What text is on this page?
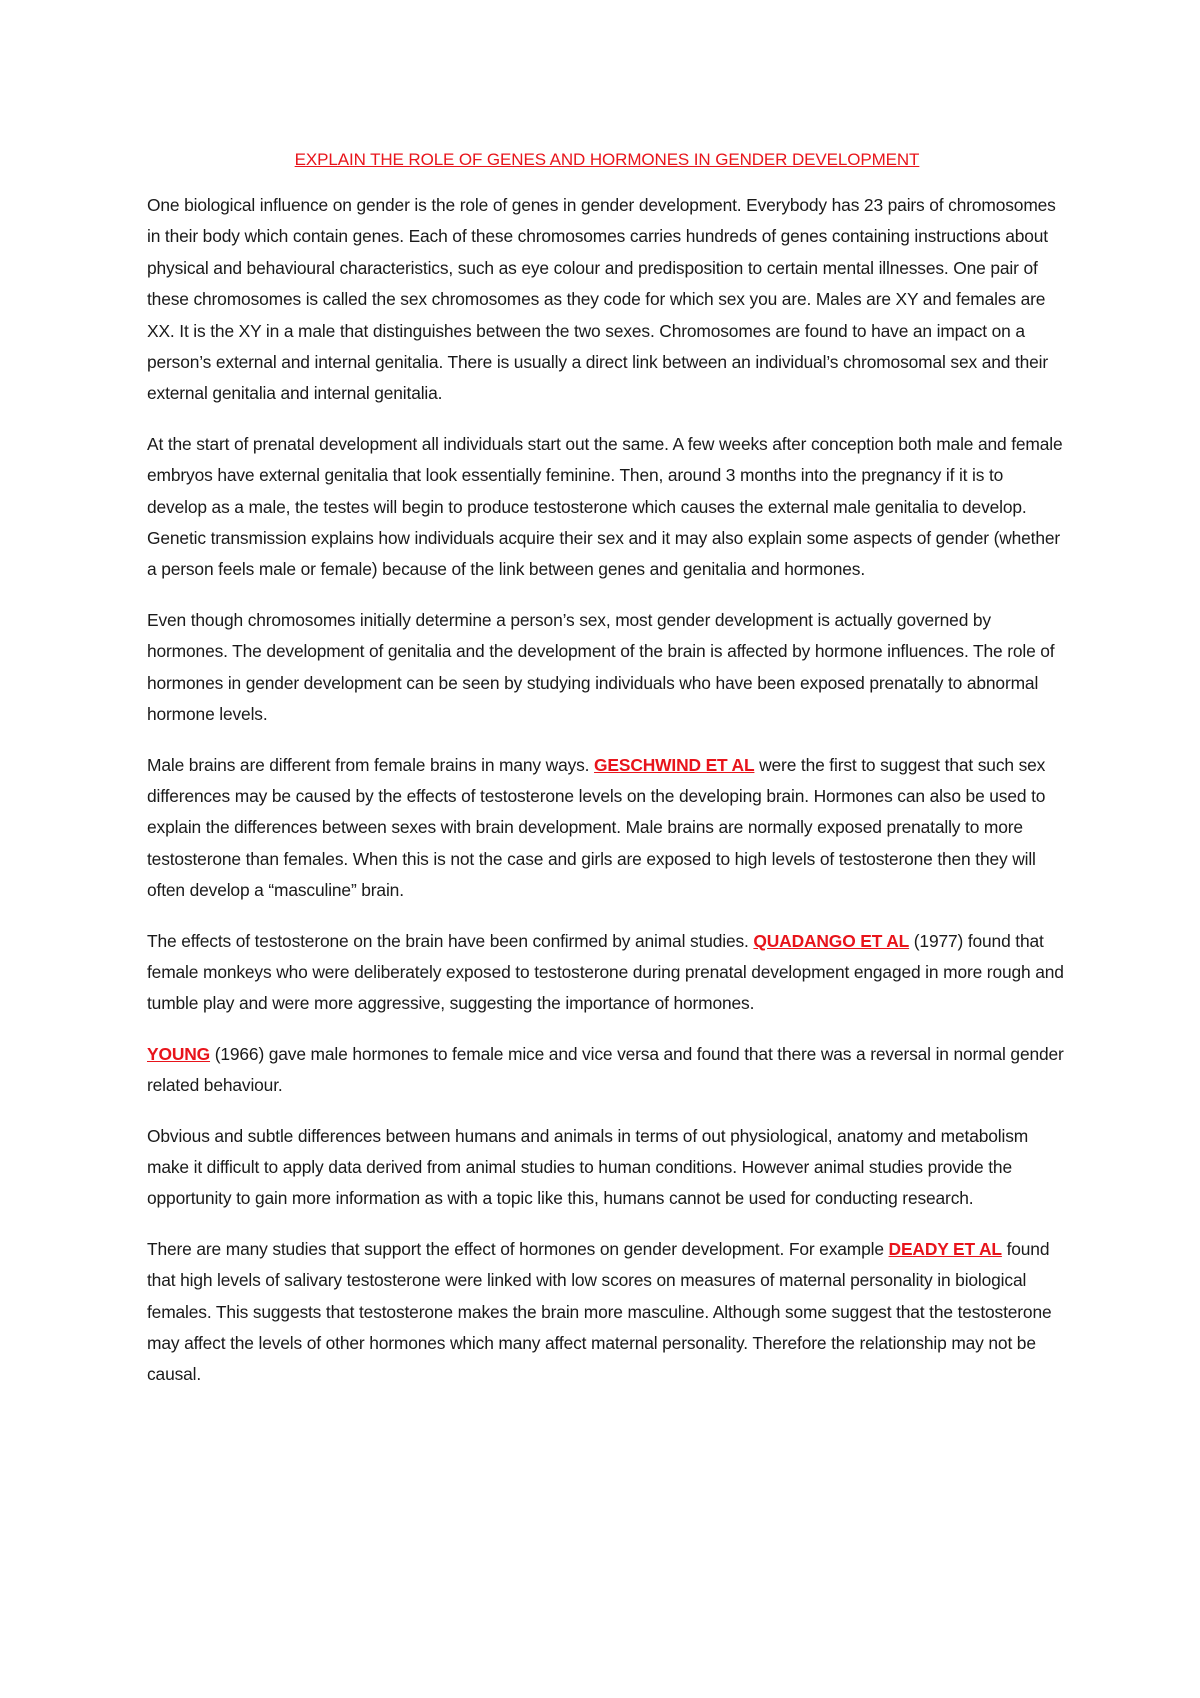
EXPLAIN THE ROLE OF GENES AND HORMONES IN GENDER DEVELOPMENT

One biological influence on gender is the role of genes in gender development. Everybody has 23 pairs of chromosomes in their body which contain genes. Each of these chromosomes carries hundreds of genes containing instructions about physical and behavioural characteristics, such as eye colour and predisposition to certain mental illnesses. One pair of these chromosomes is called the sex chromosomes as they code for which sex you are. Males are XY and females are XX. It is the XY in a male that distinguishes between the two sexes. Chromosomes are found to have an impact on a person’s external and internal genitalia. There is usually a direct link between an individual’s chromosomal sex and their external genitalia and internal genitalia.

At the start of prenatal development all individuals start out the same. A few weeks after conception both male and female embryos have external genitalia that look essentially feminine. Then, around 3 months into the pregnancy if it is to develop as a male, the testes will begin to produce testosterone which causes the external male genitalia to develop. Genetic transmission explains how individuals acquire their sex and it may also explain some aspects of gender (whether a person feels male or female) because of the link between genes and genitalia and hormones.

Even though chromosomes initially determine a person’s sex, most gender development is actually governed by hormones. The development of genitalia and the development of the brain is affected by hormone influences. The role of hormones in gender development can be seen by studying individuals who have been exposed prenatally to abnormal hormone levels.

Male brains are different from female brains in many ways. GESCHWIND ET AL were the first to suggest that such sex differences may be caused by the effects of testosterone levels on the developing brain. Hormones can also be used to explain the differences between sexes with brain development. Male brains are normally exposed prenatally to more testosterone than females. When this is not the case and girls are exposed to high levels of testosterone then they will often develop a “masculine” brain.

The effects of testosterone on the brain have been confirmed by animal studies. QUADANGO ET AL (1977) found that female monkeys who were deliberately exposed to testosterone during prenatal development engaged in more rough and tumble play and were more aggressive, suggesting the importance of hormones.

YOUNG (1966) gave male hormones to female mice and vice versa and found that there was a reversal in normal gender related behaviour.

Obvious and subtle differences between humans and animals in terms of out physiological, anatomy and metabolism make it difficult to apply data derived from animal studies to human conditions. However animal studies provide the opportunity to gain more information as with a topic like this, humans cannot be used for conducting research.

There are many studies that support the effect of hormones on gender development. For example DEADY ET AL found that high levels of salivary testosterone were linked with low scores on measures of maternal personality in biological females. This suggests that testosterone makes the brain more masculine. Although some suggest that the testosterone may affect the levels of other hormones which many affect maternal personality. Therefore the relationship may not be causal.
